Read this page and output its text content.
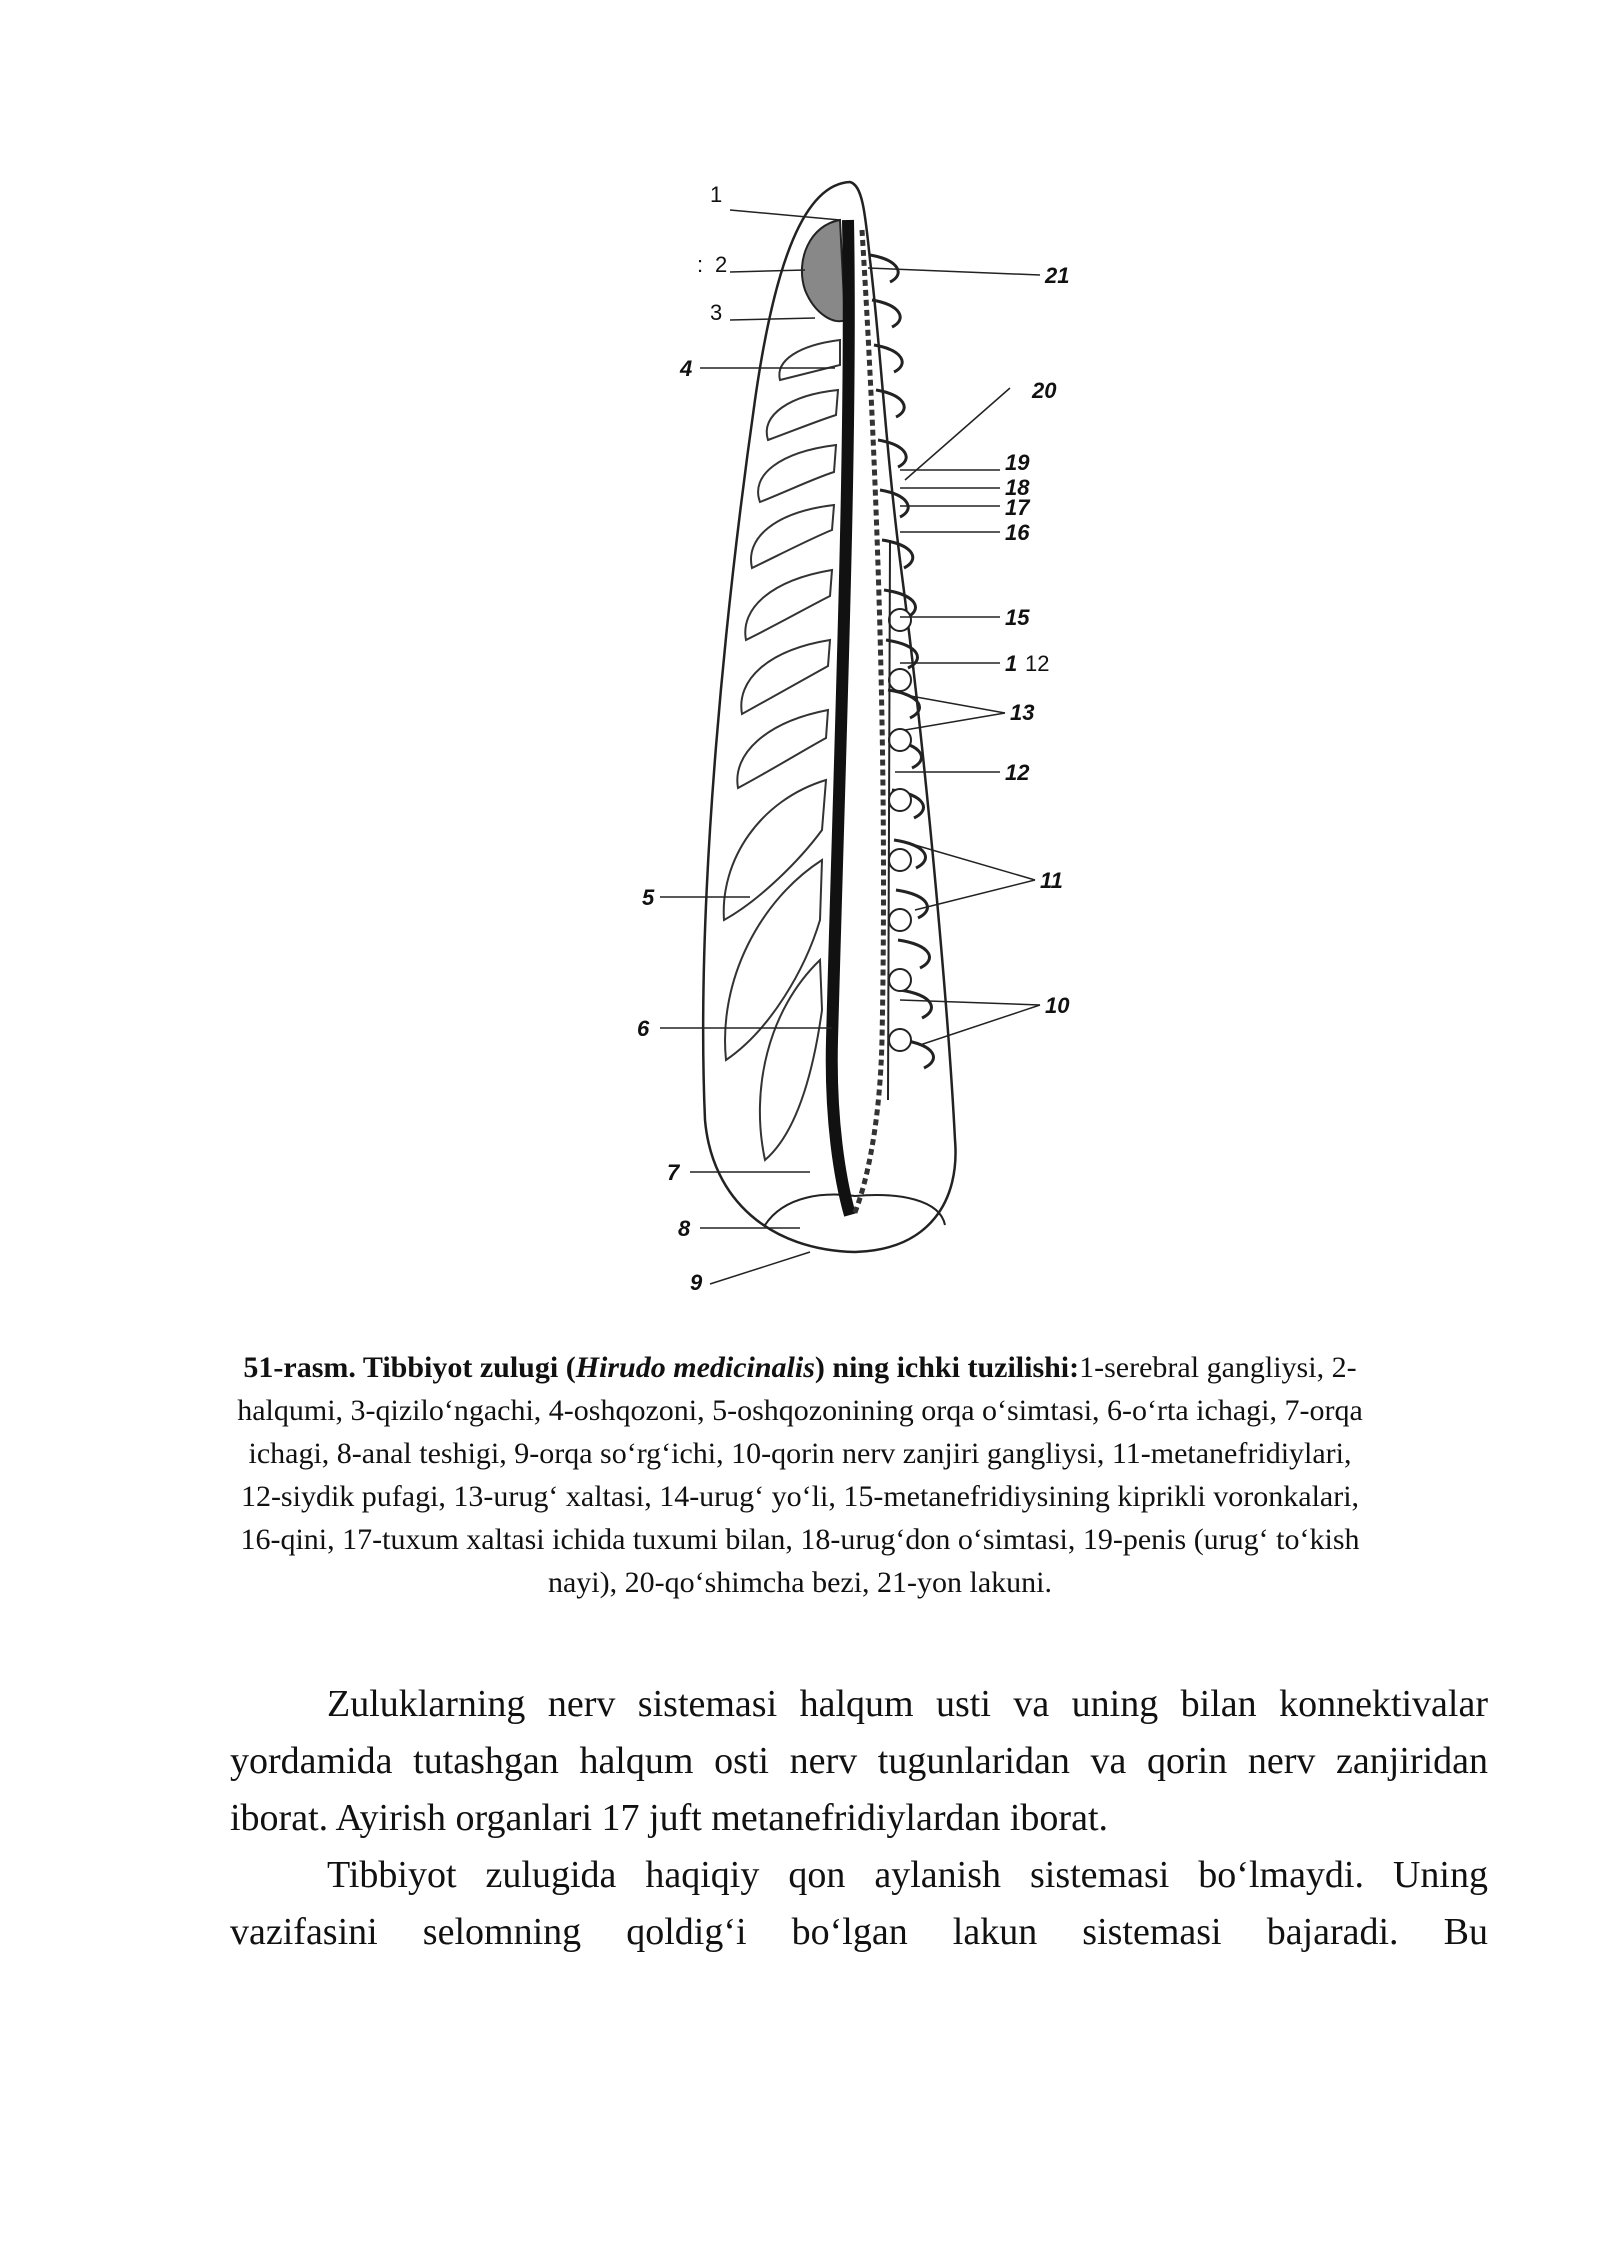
1
: 2
3
4
5
6
7
8
9
21
20
19
18
17
16
15
1 12
13
12
11
10
51-rasm. Tibbiyot zulugi (Hirudo medicinalis) ning ichki tuzilishi:1-serebral gangliysi, 2-halqumi, 3-qizilo‘ngachi, 4-oshqozoni, 5-oshqozonining orqa o‘simtasi, 6-o‘rta ichagi, 7-orqa ichagi, 8-anal teshigi, 9-orqa so‘rg‘ichi, 10-qorin nerv zanjiri gangliysi, 11-metanefridiylari, 12-siydik pufagi, 13-urug‘ xaltasi, 14-urug‘ yo‘li, 15-metanefridiysining kiprikli voronkalari, 16-qini, 17-tuxum xaltasi ichida tuxumi bilan, 18-urug‘don o‘simtasi, 19-penis (urug‘ to‘kish nayi), 20-qo‘shimcha bezi, 21-yon lakuni.

Zuluklarning nerv sistemasi halqum usti va uning bilan konnektivalar yordamida tutashgan halqum osti nerv tugunlaridan va qorin nerv zanjiridan iborat. Ayirish organlari 17 juft metanefridiylardan iborat.

Tibbiyot zulugida haqiqiy qon aylanish sistemasi bo‘lmaydi. Uning vazifasini selomning qoldig‘i bo‘lgan lakun sistemasi bajaradi. Bu
